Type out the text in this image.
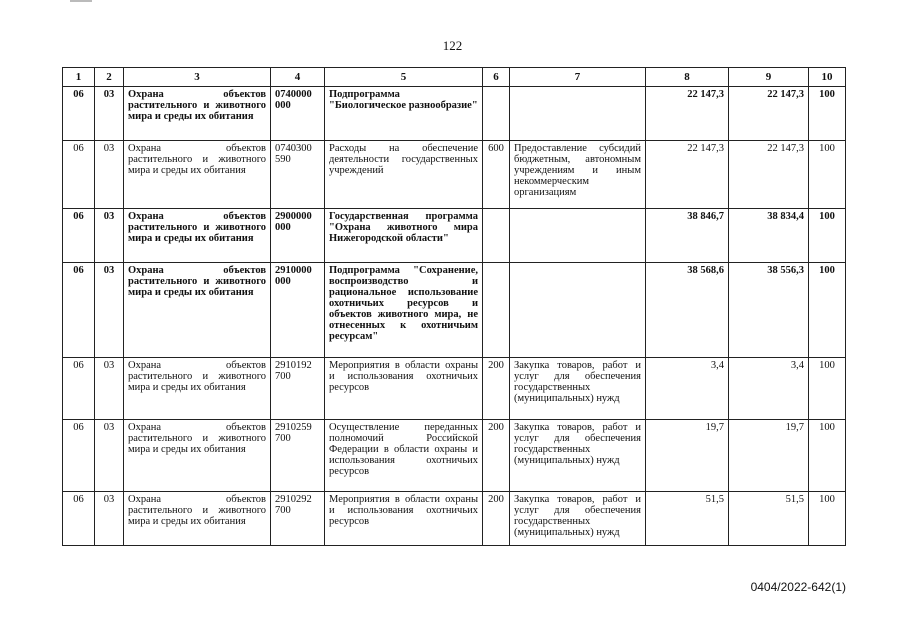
122
1	2	3	4	5	6	7	8	9	10
06	03	Охрана объектов растительного и животного мира и среды их обитания	0740000 000	Подпрограмма "Биологическое разнообразие"			22 147,3	22 147,3	100
06	03	Охрана объектов растительного и животного мира и среды их обитания	0740300 590	Расходы на обеспечение деятельности государственных учреждений	600	Предоставление субсидий бюджетным, автономным учреждениям и иным некоммерческим организациям	22 147,3	22 147,3	100
06	03	Охрана объектов растительного и животного мира и среды их обитания	2900000 000	Государственная программа "Охрана животного мира Нижегородской области"			38 846,7	38 834,4	100
06	03	Охрана объектов растительного и животного мира и среды их обитания	2910000 000	Подпрограмма "Сохранение, воспроизводство и рациональное использование охотничьих ресурсов и объектов животного мира, не отнесенных к охотничьим ресурсам"			38 568,6	38 556,3	100
06	03	Охрана объектов растительного и животного мира и среды их обитания	2910192 700	Мероприятия в области охраны и использования охотничьих ресурсов	200	Закупка товаров, работ и услуг для обеспечения государственных (муниципальных) нужд	3,4	3,4	100
06	03	Охрана объектов растительного и животного мира и среды их обитания	2910259 700	Осуществление переданных полномочий Российской Федерации в области охраны и использования охотничьих ресурсов	200	Закупка товаров, работ и услуг для обеспечения государственных (муниципальных) нужд	19,7	19,7	100
06	03	Охрана объектов растительного и животного мира и среды их обитания	2910292 700	Мероприятия в области охраны и использования охотничьих ресурсов	200	Закупка товаров, работ и услуг для обеспечения государственных (муниципальных) нужд	51,5	51,5	100
0404/2022-642(1)
